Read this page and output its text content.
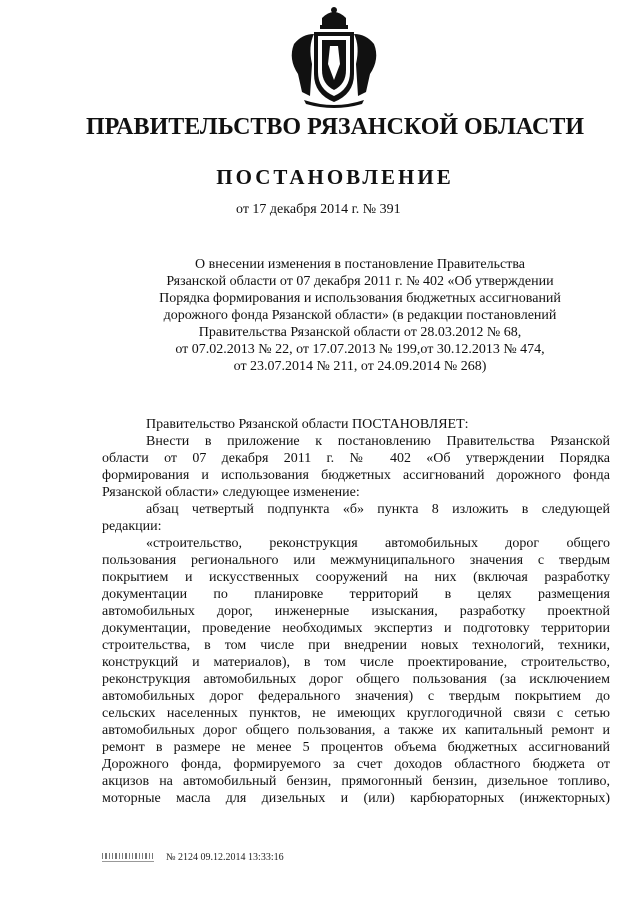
ПРАВИТЕЛЬСТВО РЯЗАНСКОЙ ОБЛАСТИ
ПОСТАНОВЛЕНИЕ
от 17 декабря 2014 г. № 391
О внесении изменения в постановление Правительства
Рязанской области от 07 декабря 2011 г. № 402 «Об утверждении
Порядка формирования и использования бюджетных ассигнований
дорожного фонда Рязанской области» (в редакции постановлений
Правительства Рязанской области от 28.03.2012 № 68,
от 07.02.2013 № 22, от 17.07.2013 № 199,от 30.12.2013 № 474,
от 23.07.2014 № 211, от 24.09.2014 № 268)
Правительство Рязанской области ПОСТАНОВЛЯЕТ:
Внести в приложение к постановлению Правительства Рязанской
области от 07 декабря 2011 г. № 402 «Об утверждении Порядка
формирования и использования бюджетных ассигнований дорожного фонда
Рязанской области» следующее изменение:
абзац четвертый подпункта «б» пункта 8 изложить в следующей
редакции:
«строительство, реконструкция автомобильных дорог общего
пользования регионального или межмуниципального значения с твердым
покрытием и искусственных сооружений на них (включая разработку
документации по планировке территорий в целях размещения
автомобильных дорог, инженерные изыскания, разработку проектной
документации, проведение необходимых экспертиз и подготовку территории
строительства, в том числе при внедрении новых технологий, техники,
конструкций и материалов), в том числе проектирование, строительство,
реконструкция автомобильных дорог общего пользования (за исключением
автомобильных дорог федерального значения) с твердым покрытием до
сельских населенных пунктов, не имеющих круглогодичной связи с сетью
автомобильных дорог общего пользования, а также их капитальный ремонт и
ремонт в размере не менее 5 процентов объема бюджетных ассигнований
Дорожного фонда, формируемого за счет доходов областного бюджета от
акцизов на автомобильный бензин, прямогонный бензин, дизельное топливо,
моторные масла для дизельных и (или) карбюраторных (инжекторных)
№ 2124 09.12.2014 13:33:16
